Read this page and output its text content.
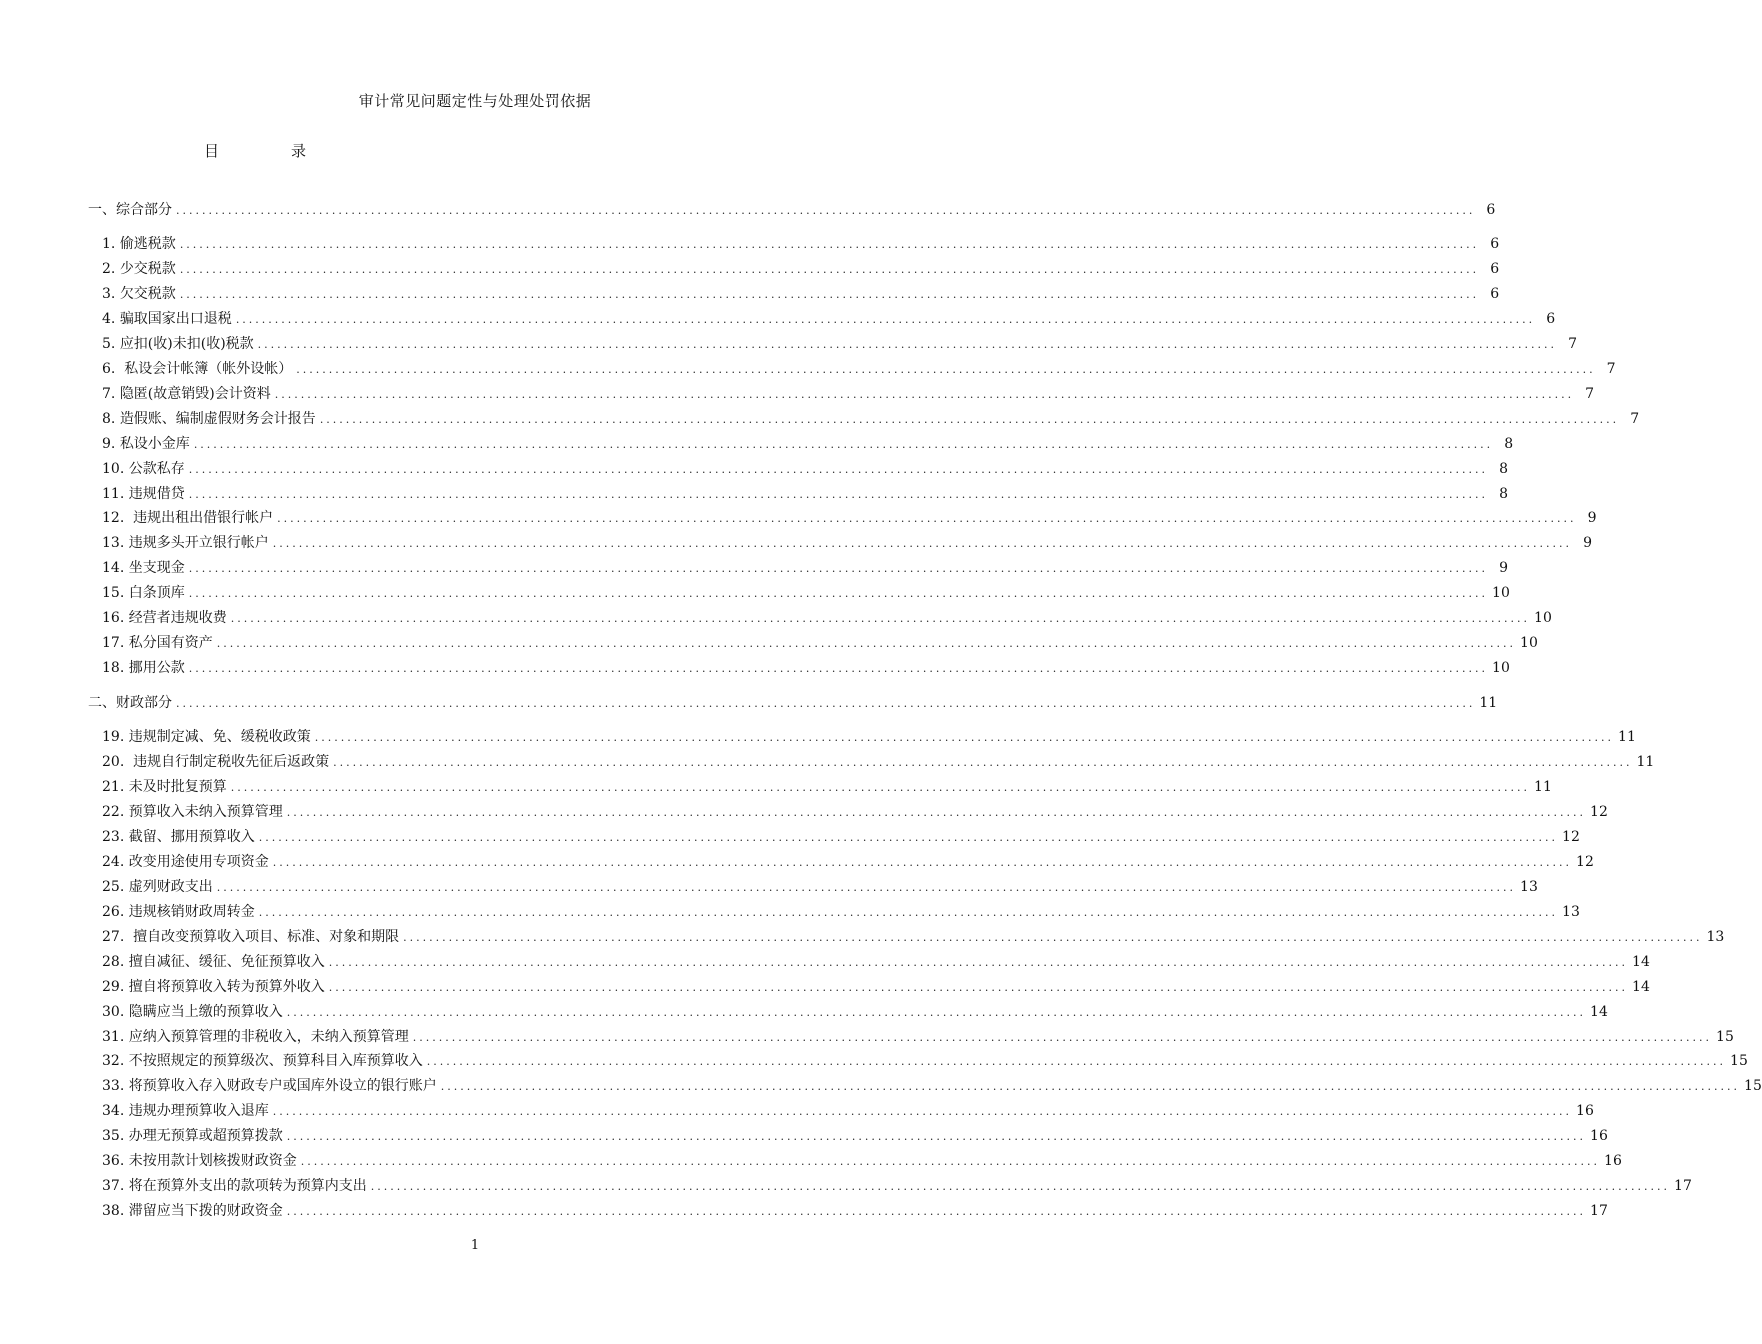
审计常见问题定性与处理处罚依据
目	录
一、 综合部分 ........................................................................................................................................................................................................ 6
1. 偷逃税款 ........................................................................................................................................................................................................ 6
2. 少交税款 ........................................................................................................................................................................................................ 6
3. 欠交税款 ........................................................................................................................................................................................................ 6
4. 骗取国家出口退税 ........................................................................................................................................................................................................ 6
5. 应扣(收)未扣(收)税款 ........................................................................................................................................................................................................ 7
6. 私设会计帐簿（帐外设帐） ........................................................................................................................................................................................................ 7
7. 隐匿(故意销毁)会计资料 ........................................................................................................................................................................................................ 7
8. 造假账、编制虚假财务会计报告 ........................................................................................................................................................................................................ 7
9. 私设小金库 ........................................................................................................................................................................................................ 8
10. 公款私存 ........................................................................................................................................................................................................ 8
11. 违规借贷 ........................................................................................................................................................................................................ 8
12. 违规出租出借银行帐户 ........................................................................................................................................................................................................ 9
13. 违规多头开立银行帐户 ........................................................................................................................................................................................................ 9
14. 坐支现金 ........................................................................................................................................................................................................ 9
15. 白条顶库 ........................................................................................................................................................................................................ 10
16. 经营者违规收费 ........................................................................................................................................................................................................ 10
17. 私分国有资产 ........................................................................................................................................................................................................ 10
18. 挪用公款 ........................................................................................................................................................................................................ 10
二、 财政部分 ........................................................................................................................................................................................................ 11
19. 违规制定减、免、缓税收政策 ........................................................................................................................................................................................................ 11
20. 违规自行制定税收先征后返政策 ........................................................................................................................................................................................................ 11
21. 未及时批复预算 ........................................................................................................................................................................................................ 11
22. 预算收入未纳入预算管理 ........................................................................................................................................................................................................ 12
23. 截留、挪用预算收入 ........................................................................................................................................................................................................ 12
24. 改变用途使用专项资金 ........................................................................................................................................................................................................ 12
25. 虚列财政支出 ........................................................................................................................................................................................................ 13
26. 违规核销财政周转金 ........................................................................................................................................................................................................ 13
27. 擅自改变预算收入项目、标准、对象和期限 ........................................................................................................................................................................................................ 13
28. 擅自减征、缓征、免征预算收入 ........................................................................................................................................................................................................ 14
29. 擅自将预算收入转为预算外收入 ........................................................................................................................................................................................................ 14
30. 隐瞒应当上缴的预算收入 ........................................................................................................................................................................................................ 14
31. 应纳入预算管理的非税收入，未纳入预算管理 ........................................................................................................................................................................................................ 15
32. 不按照规定的预算级次、预算科目入库预算收入 ........................................................................................................................................................................................................ 15
33. 将预算收入存入财政专户或国库外设立的银行账户 ........................................................................................................................................................................................................ 15
34. 违规办理预算收入退库 ........................................................................................................................................................................................................ 16
35. 办理无预算或超预算拨款 ........................................................................................................................................................................................................ 16
36. 未按用款计划核拨财政资金 ........................................................................................................................................................................................................ 16
37. 将在预算外支出的款项转为预算内支出 ........................................................................................................................................................................................................ 17
38. 滞留应当下拨的财政资金 ........................................................................................................................................................................................................ 17
1
